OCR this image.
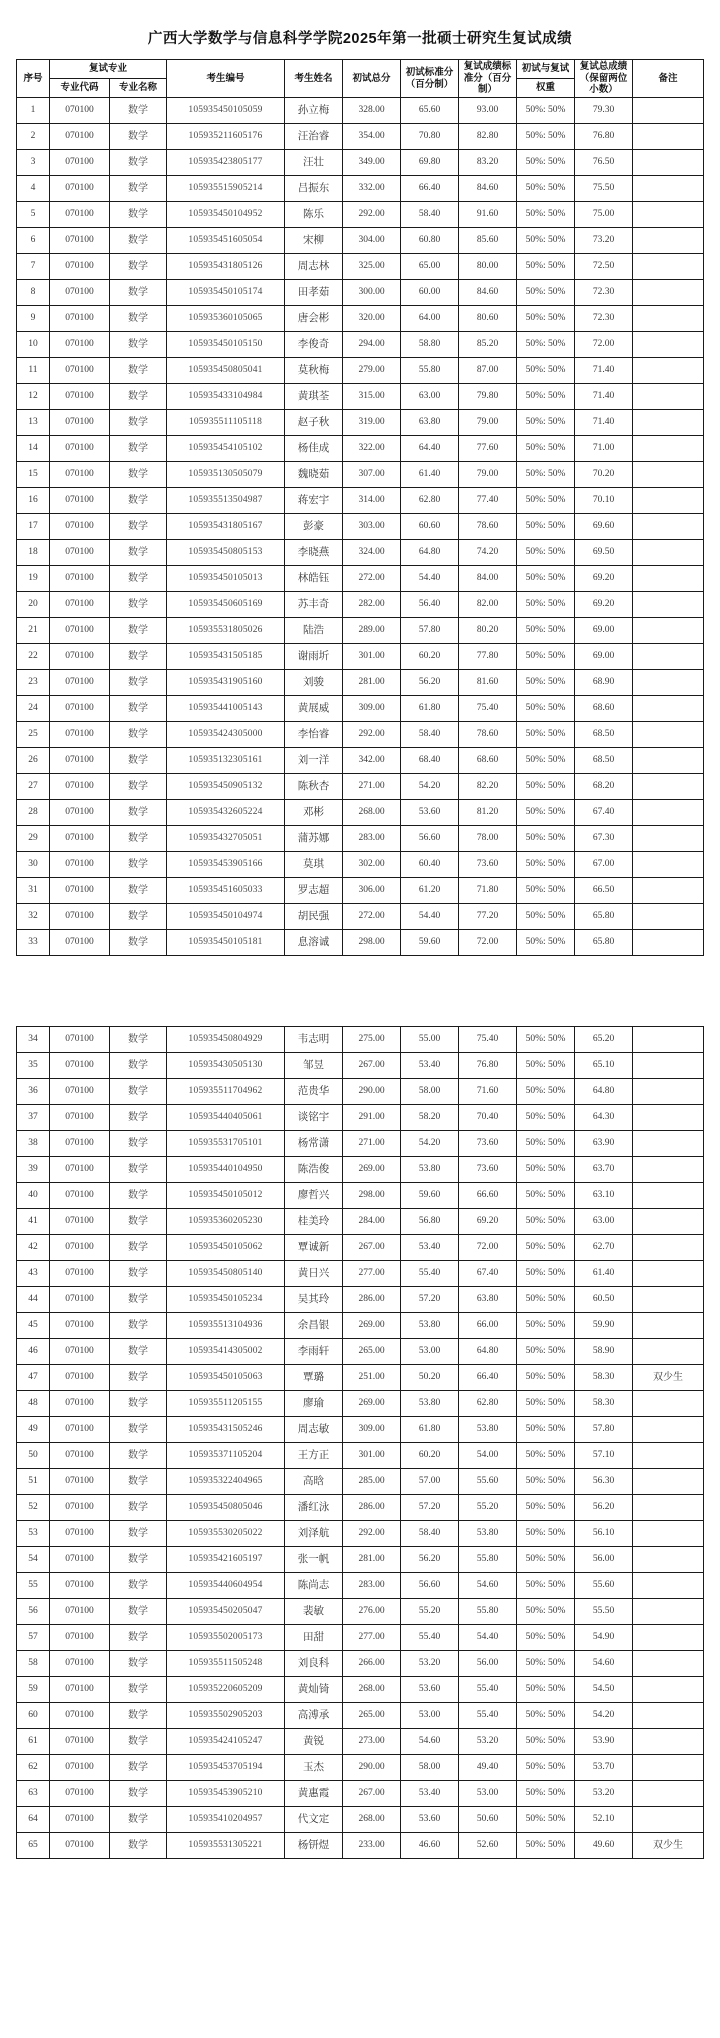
广西大学数学与信息科学学院2025年第一批硕士研究生复试成绩
序号	复试专业		考生编号	考生姓名	初试总分	初试标准分（百分制）	复试成绩标准分（百分制）	初试与复试	复试总成绩（保留两位小数）	备注
	专业代码	专业名称						权重		
1	070100	数学	105935450105059	孙立梅	328.00	65.60	93.00	50%: 50%	79.30	
2	070100	数学	105935211605176	汪治睿	354.00	70.80	82.80	50%: 50%	76.80	
3	070100	数学	105935423805177	汪壮	349.00	69.80	83.20	50%: 50%	76.50	
4	070100	数学	105935515905214	吕振东	332.00	66.40	84.60	50%: 50%	75.50	
5	070100	数学	105935450104952	陈乐	292.00	58.40	91.60	50%: 50%	75.00	
6	070100	数学	105935451605054	宋柳	304.00	60.80	85.60	50%: 50%	73.20	
7	070100	数学	105935431805126	周志林	325.00	65.00	80.00	50%: 50%	72.50	
8	070100	数学	105935450105174	田孝茹	300.00	60.00	84.60	50%: 50%	72.30	
9	070100	数学	105935360105065	唐会彬	320.00	64.00	80.60	50%: 50%	72.30	
10	070100	数学	105935450105150	李俊奇	294.00	58.80	85.20	50%: 50%	72.00	
11	070100	数学	105935450805041	莫秋梅	279.00	55.80	87.00	50%: 50%	71.40	
12	070100	数学	105935433104984	黄琪荃	315.00	63.00	79.80	50%: 50%	71.40	
13	070100	数学	105935511105118	赵子秋	319.00	63.80	79.00	50%: 50%	71.40	
14	070100	数学	105935454105102	杨佳成	322.00	64.40	77.60	50%: 50%	71.00	
15	070100	数学	105935130505079	魏晓茹	307.00	61.40	79.00	50%: 50%	70.20	
16	070100	数学	105935513504987	蒋宏宇	314.00	62.80	77.40	50%: 50%	70.10	
17	070100	数学	105935431805167	彭豪	303.00	60.60	78.60	50%: 50%	69.60	
18	070100	数学	105935450805153	李晓燕	324.00	64.80	74.20	50%: 50%	69.50	
19	070100	数学	105935450105013	林皓钰	272.00	54.40	84.00	50%: 50%	69.20	
20	070100	数学	105935450605169	苏丰奇	282.00	56.40	82.00	50%: 50%	69.20	
21	070100	数学	105935531805026	陆浩	289.00	57.80	80.20	50%: 50%	69.00	
22	070100	数学	105935431505185	谢雨圻	301.00	60.20	77.80	50%: 50%	69.00	
23	070100	数学	105935431905160	刘骏	281.00	56.20	81.60	50%: 50%	68.90	
24	070100	数学	105935441005143	黄展威	309.00	61.80	75.40	50%: 50%	68.60	
25	070100	数学	105935424305000	李怡睿	292.00	58.40	78.60	50%: 50%	68.50	
26	070100	数学	105935132305161	刘一洋	342.00	68.40	68.60	50%: 50%	68.50	
27	070100	数学	105935450905132	陈秋杏	271.00	54.20	82.20	50%: 50%	68.20	
28	070100	数学	105935432605224	邓彬	268.00	53.60	81.20	50%: 50%	67.40	
29	070100	数学	105935432705051	蒲苏娜	283.00	56.60	78.00	50%: 50%	67.30	
30	070100	数学	105935453905166	莫琪	302.00	60.40	73.60	50%: 50%	67.00	
31	070100	数学	105935451605033	罗志超	306.00	61.20	71.80	50%: 50%	66.50	
32	070100	数学	105935450104974	胡民强	272.00	54.40	77.20	50%: 50%	65.80	
33	070100	数学	105935450105181	息溶诚	298.00	59.60	72.00	50%: 50%	65.80	
34	070100	数学	105935450804929	韦志明	275.00	55.00	75.40	50%: 50%	65.20	
35	070100	数学	105935430505130	邹昱	267.00	53.40	76.80	50%: 50%	65.10	
36	070100	数学	105935511704962	范贵华	290.00	58.00	71.60	50%: 50%	64.80	
37	070100	数学	105935440405061	谈铭宇	291.00	58.20	70.40	50%: 50%	64.30	
38	070100	数学	105935531705101	杨常潇	271.00	54.20	73.60	50%: 50%	63.90	
39	070100	数学	105935440104950	陈浩俊	269.00	53.80	73.60	50%: 50%	63.70	
40	070100	数学	105935450105012	廖哲兴	298.00	59.60	66.60	50%: 50%	63.10	
41	070100	数学	105935360205230	桂美玲	284.00	56.80	69.20	50%: 50%	63.00	
42	070100	数学	105935450105062	覃诚新	267.00	53.40	72.00	50%: 50%	62.70	
43	070100	数学	105935450805140	黄日兴	277.00	55.40	67.40	50%: 50%	61.40	
44	070100	数学	105935450105234	吴其玲	286.00	57.20	63.80	50%: 50%	60.50	
45	070100	数学	105935513104936	余昌银	269.00	53.80	66.00	50%: 50%	59.90	
46	070100	数学	105935414305002	李雨轩	265.00	53.00	64.80	50%: 50%	58.90	
47	070100	数学	105935450105063	覃璐	251.00	50.20	66.40	50%: 50%	58.30	双少生
48	070100	数学	105935511205155	廖瑜	269.00	53.80	62.80	50%: 50%	58.30	
49	070100	数学	105935431505246	周志敏	309.00	61.80	53.80	50%: 50%	57.80	
50	070100	数学	105935371105204	王方正	301.00	60.20	54.00	50%: 50%	57.10	
51	070100	数学	105935322404965	高晗	285.00	57.00	55.60	50%: 50%	56.30	
52	070100	数学	105935450805046	潘红泳	286.00	57.20	55.20	50%: 50%	56.20	
53	070100	数学	105935530205022	刘泽航	292.00	58.40	53.80	50%: 50%	56.10	
54	070100	数学	105935421605197	张一帆	281.00	56.20	55.80	50%: 50%	56.00	
55	070100	数学	105935440604954	陈尚志	283.00	56.60	54.60	50%: 50%	55.60	
56	070100	数学	105935450205047	裴敏	276.00	55.20	55.80	50%: 50%	55.50	
57	070100	数学	105935502005173	田甜	277.00	55.40	54.40	50%: 50%	54.90	
58	070100	数学	105935511505248	刘良科	266.00	53.20	56.00	50%: 50%	54.60	
59	070100	数学	105935220605209	黄灿锜	268.00	53.60	55.40	50%: 50%	54.50	
60	070100	数学	105935502905203	高溥承	265.00	53.00	55.40	50%: 50%	54.20	
61	070100	数学	105935424105247	黄锐	273.00	54.60	53.20	50%: 50%	53.90	
62	070100	数学	105935453705194	玉杰	290.00	58.00	49.40	50%: 50%	53.70	
63	070100	数学	105935453905210	黄惠霞	267.00	53.40	53.00	50%: 50%	53.20	
64	070100	数学	105935410204957	代文定	268.00	53.60	50.60	50%: 50%	52.10	
65	070100	数学	105935531305221	杨钘煜	233.00	46.60	52.60	50%: 50%	49.60	双少生
